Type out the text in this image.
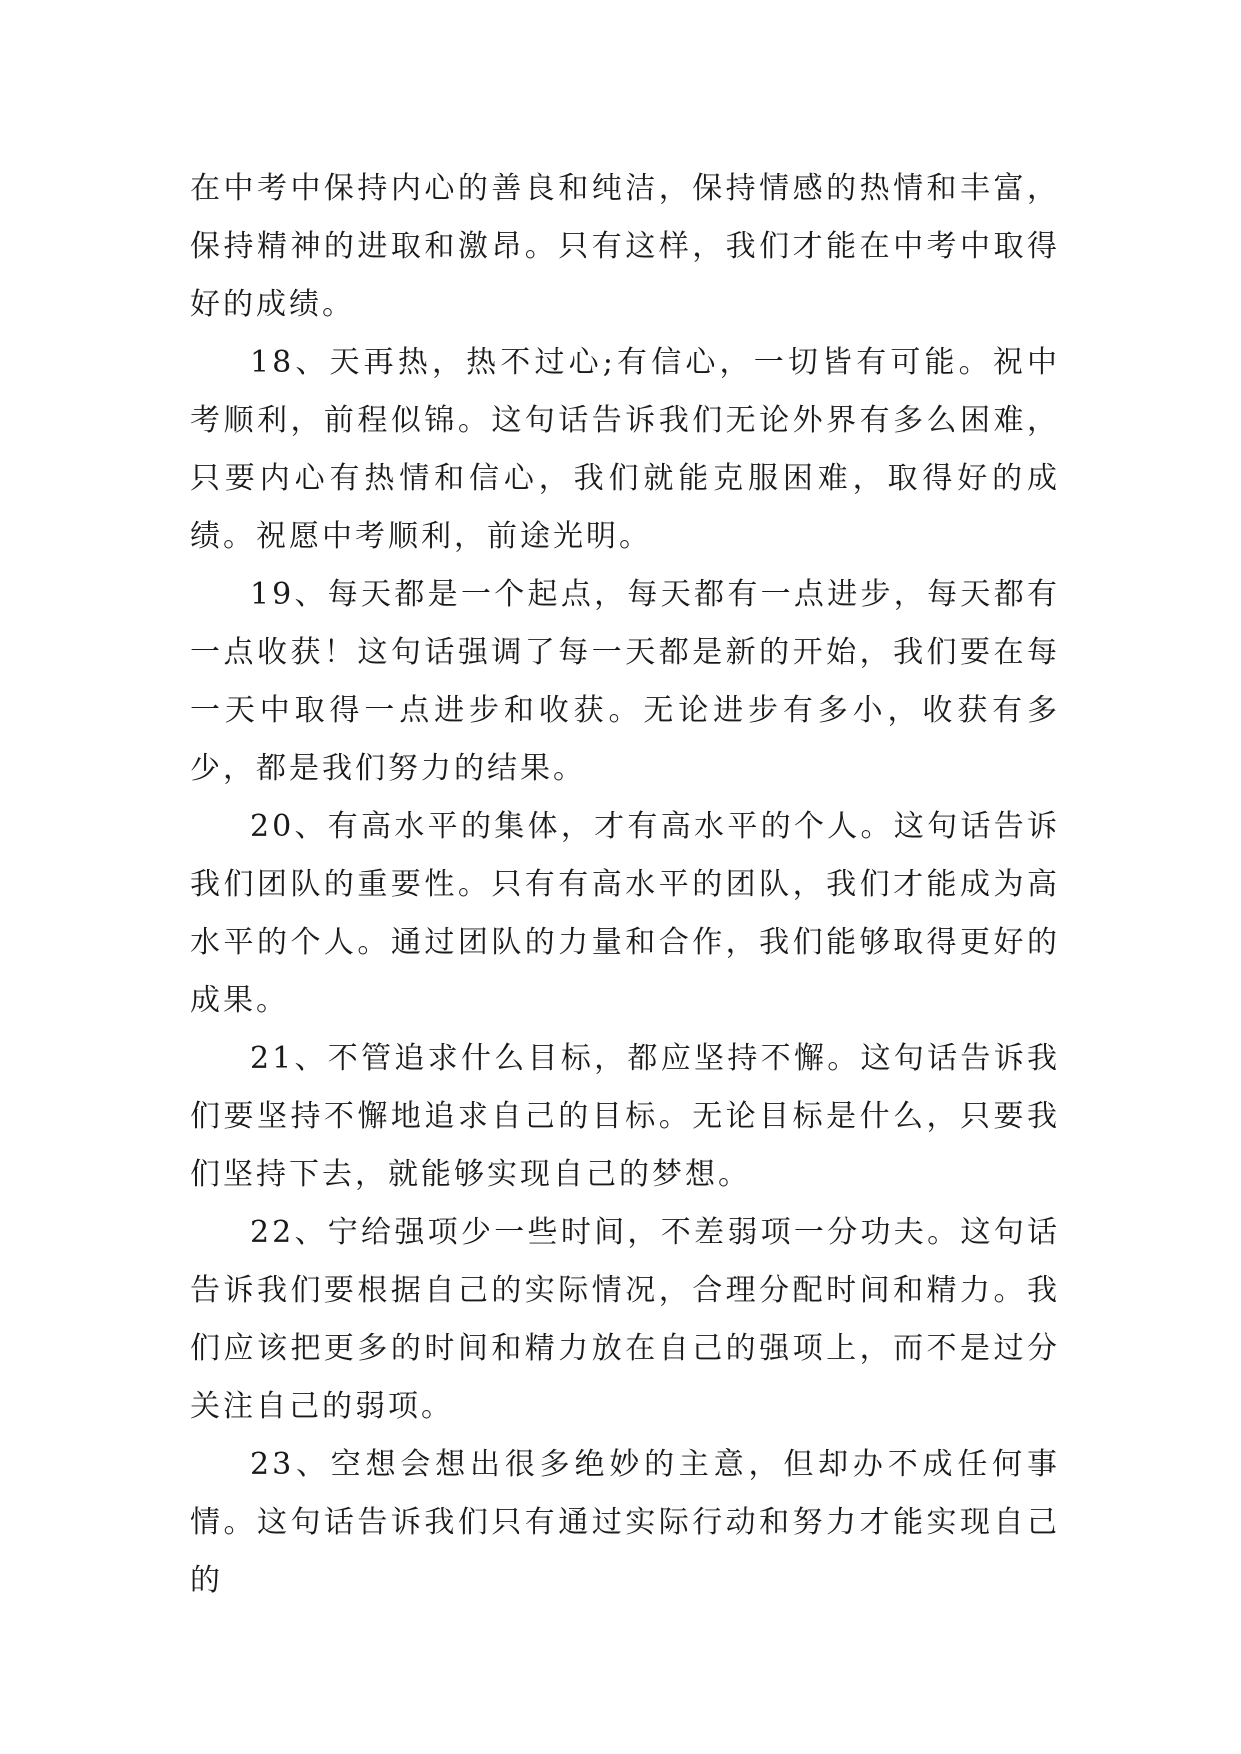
在中考中保持内心的善良和纯洁，保持情感的热情和丰富，保持精神的进取和激昂。只有这样，我们才能在中考中取得好的成绩。

18、天再热，热不过心;有信心，一切皆有可能。祝中考顺利，前程似锦。这句话告诉我们无论外界有多么困难，只要内心有热情和信心，我们就能克服困难，取得好的成绩。祝愿中考顺利，前途光明。

19、每天都是一个起点，每天都有一点进步，每天都有一点收获！这句话强调了每一天都是新的开始，我们要在每一天中取得一点进步和收获。无论进步有多小，收获有多少，都是我们努力的结果。

20、有高水平的集体，才有高水平的个人。这句话告诉我们团队的重要性。只有有高水平的团队，我们才能成为高水平的个人。通过团队的力量和合作，我们能够取得更好的成果。

21、不管追求什么目标，都应坚持不懈。这句话告诉我们要坚持不懈地追求自己的目标。无论目标是什么，只要我们坚持下去，就能够实现自己的梦想。

22、宁给强项少一些时间，不差弱项一分功夫。这句话告诉我们要根据自己的实际情况，合理分配时间和精力。我们应该把更多的时间和精力放在自己的强项上，而不是过分关注自己的弱项。

23、空想会想出很多绝妙的主意，但却办不成任何事情。这句话告诉我们只有通过实际行动和努力才能实现自己的
